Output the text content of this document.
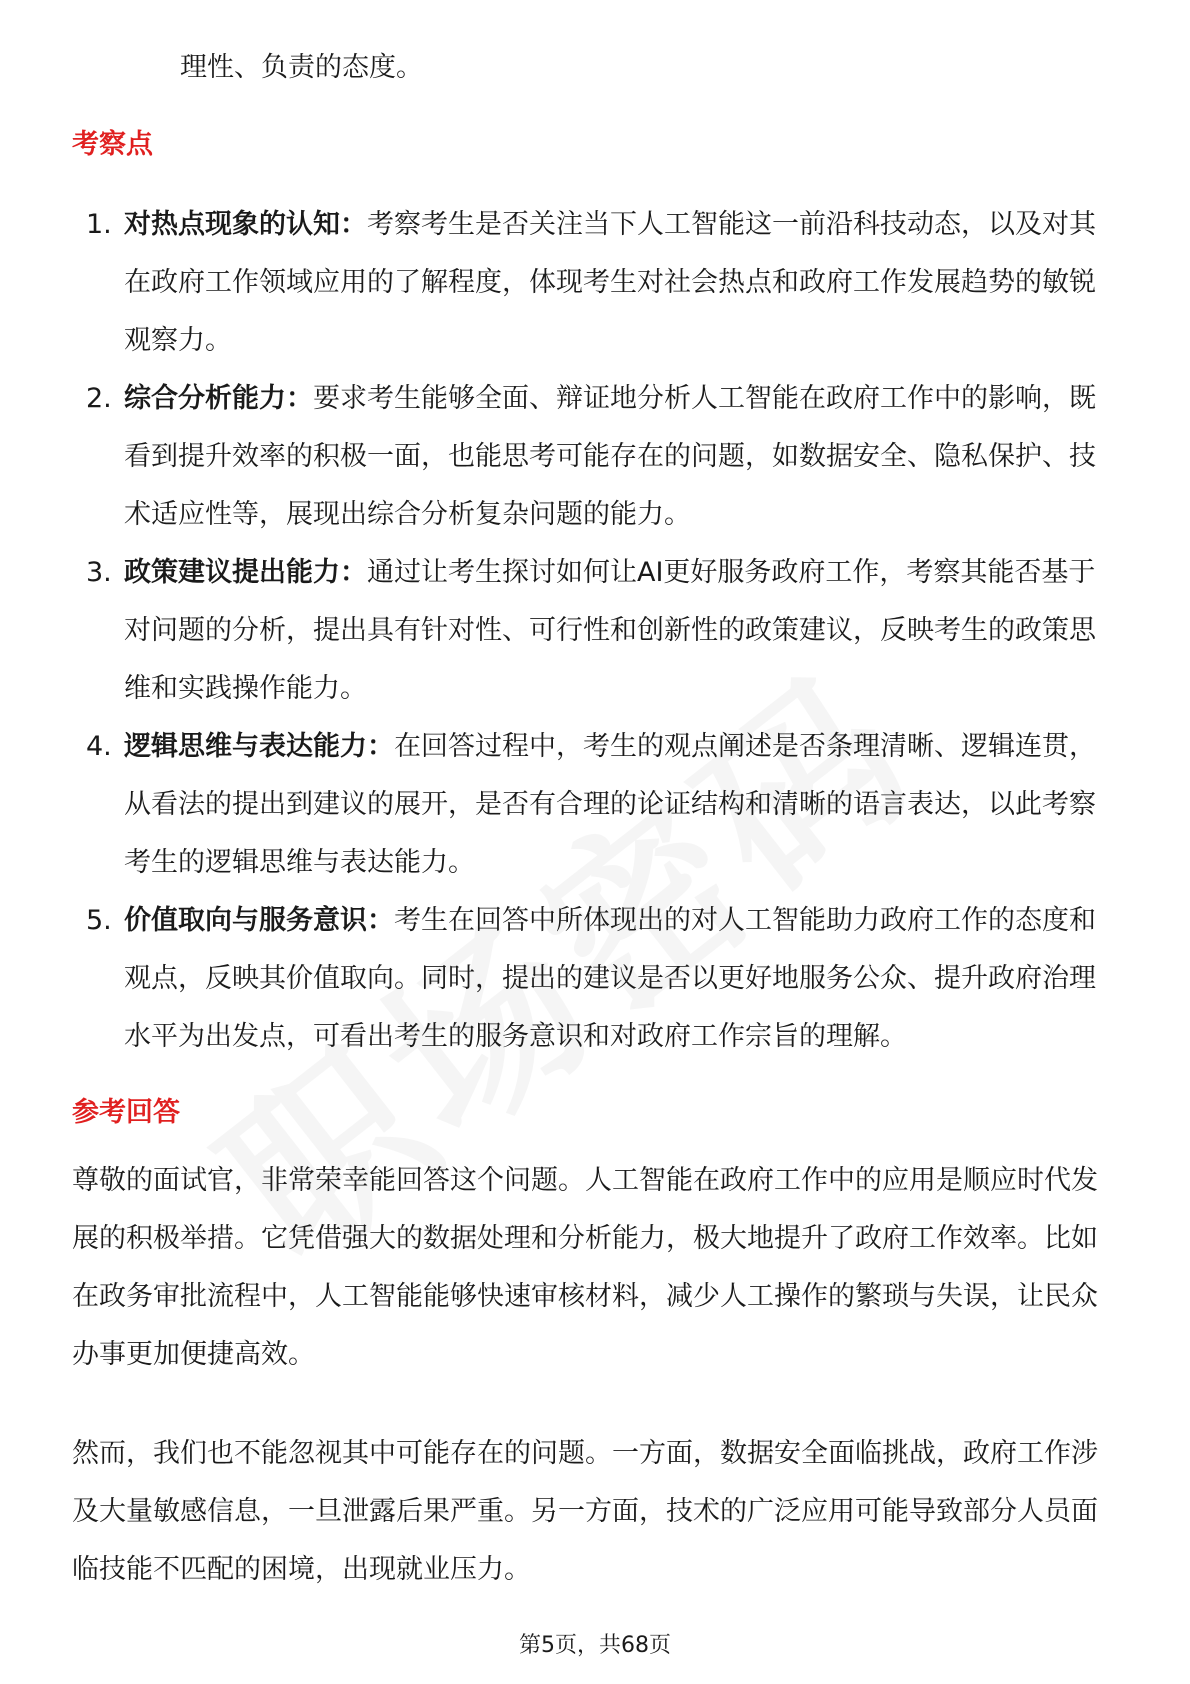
理性、负责的态度。

考察点
1. 对热点现象的认知：考察考生是否关注当下人工智能这一前沿科技动态，以及对其在政府工作领域应用的了解程度，体现考生对社会热点和政府工作发展趋势的敏锐观察力。
2. 综合分析能力：要求考生能够全面、辩证地分析人工智能在政府工作中的影响，既看到提升效率的积极一面，也能思考可能存在的问题，如数据安全、隐私保护、技术适应性等，展现出综合分析复杂问题的能力。
3. 政策建议提出能力：通过让考生探讨如何让AI更好服务政府工作，考察其能否基于对问题的分析，提出具有针对性、可行性和创新性的政策建议，反映考生的政策思维和实践操作能力。
4. 逻辑思维与表达能力：在回答过程中，考生的观点阐述是否条理清晰、逻辑连贯，从看法的提出到建议的展开，是否有合理的论证结构和清晰的语言表达，以此考察考生的逻辑思维与表达能力。
5. 价值取向与服务意识：考生在回答中所体现出的对人工智能助力政府工作的态度和观点，反映其价值取向。同时，提出的建议是否以更好地服务公众、提升政府治理水平为出发点，可看出考生的服务意识和对政府工作宗旨的理解。
参考回答

尊敬的面试官，非常荣幸能回答这个问题。人工智能在政府工作中的应用是顺应时代发展的积极举措。它凭借强大的数据处理和分析能力，极大地提升了政府工作效率。比如在政务审批流程中，人工智能能够快速审核材料，减少人工操作的繁琐与失误，让民众办事更加便捷高效。

然而，我们也不能忽视其中可能存在的问题。一方面，数据安全面临挑战，政府工作涉及大量敏感信息，一旦泄露后果严重。另一方面，技术的广泛应用可能导致部分人员面临技能不匹配的困境，出现就业压力。

第5页，共68页
